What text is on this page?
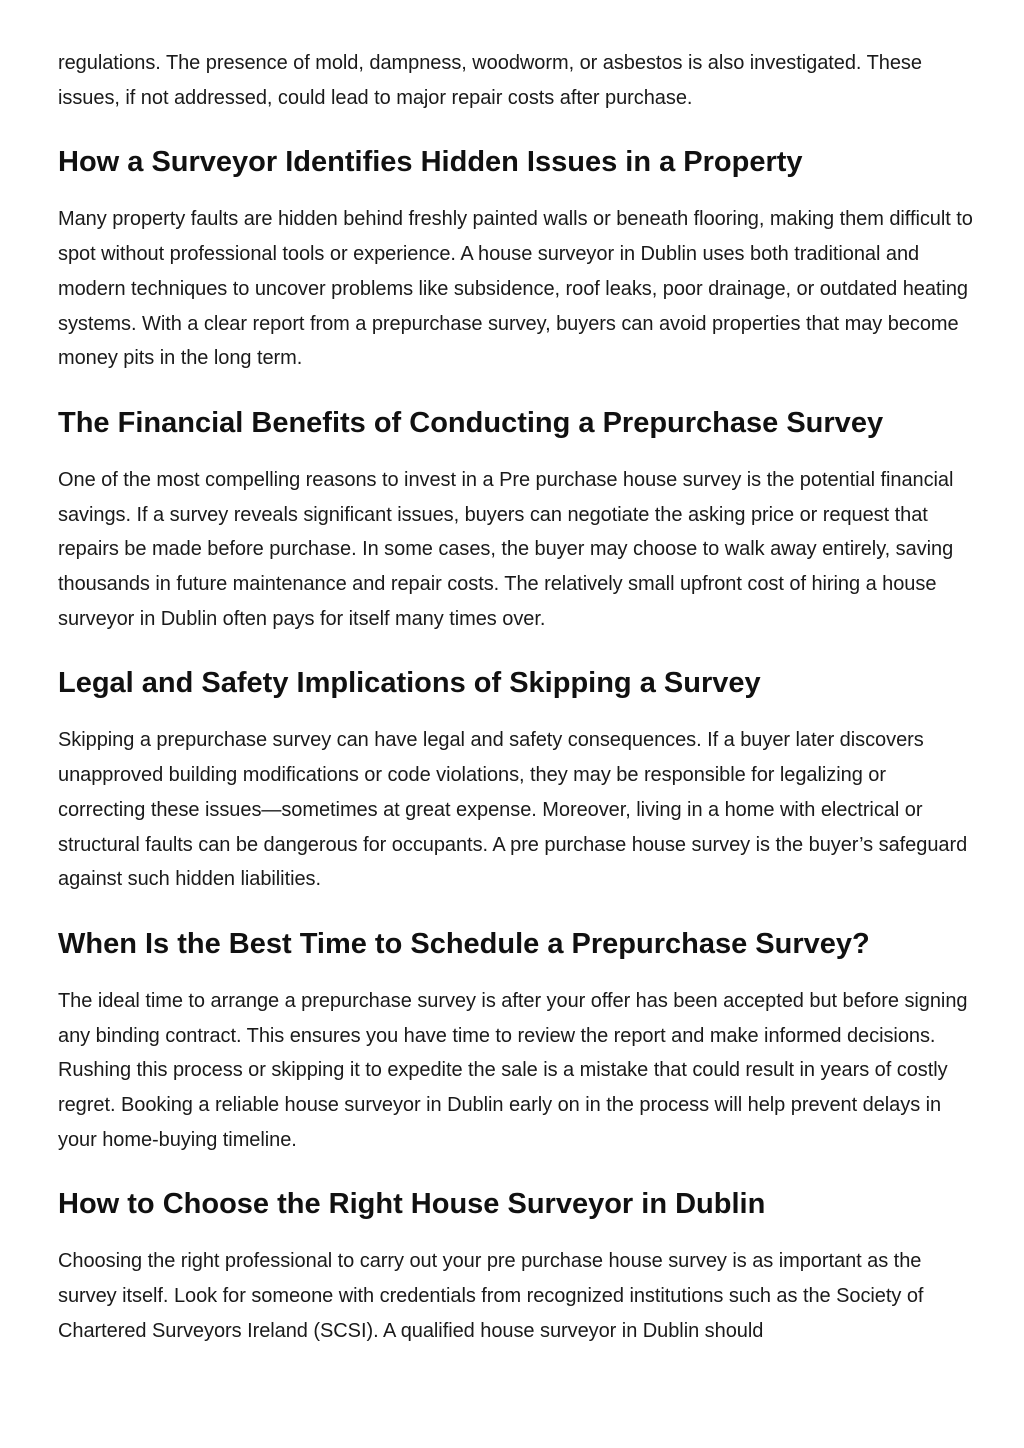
regulations. The presence of mold, dampness, woodworm, or asbestos is also investigated. These issues, if not addressed, could lead to major repair costs after purchase.

How a Surveyor Identifies Hidden Issues in a Property

Many property faults are hidden behind freshly painted walls or beneath flooring, making them difficult to spot without professional tools or experience. A house surveyor in Dublin uses both traditional and modern techniques to uncover problems like subsidence, roof leaks, poor drainage, or outdated heating systems. With a clear report from a prepurchase survey, buyers can avoid properties that may become money pits in the long term.

The Financial Benefits of Conducting a Prepurchase Survey

One of the most compelling reasons to invest in a Pre purchase house survey is the potential financial savings. If a survey reveals significant issues, buyers can negotiate the asking price or request that repairs be made before purchase. In some cases, the buyer may choose to walk away entirely, saving thousands in future maintenance and repair costs. The relatively small upfront cost of hiring a house surveyor in Dublin often pays for itself many times over.

Legal and Safety Implications of Skipping a Survey

Skipping a prepurchase survey can have legal and safety consequences. If a buyer later discovers unapproved building modifications or code violations, they may be responsible for legalizing or correcting these issues—sometimes at great expense. Moreover, living in a home with electrical or structural faults can be dangerous for occupants. A pre purchase house survey is the buyer’s safeguard against such hidden liabilities.

When Is the Best Time to Schedule a Prepurchase Survey?

The ideal time to arrange a prepurchase survey is after your offer has been accepted but before signing any binding contract. This ensures you have time to review the report and make informed decisions. Rushing this process or skipping it to expedite the sale is a mistake that could result in years of costly regret. Booking a reliable house surveyor in Dublin early on in the process will help prevent delays in your home-buying timeline.

How to Choose the Right House Surveyor in Dublin

Choosing the right professional to carry out your pre purchase house survey is as important as the survey itself. Look for someone with credentials from recognized institutions such as the Society of Chartered Surveyors Ireland (SCSI). A qualified house surveyor in Dublin should
